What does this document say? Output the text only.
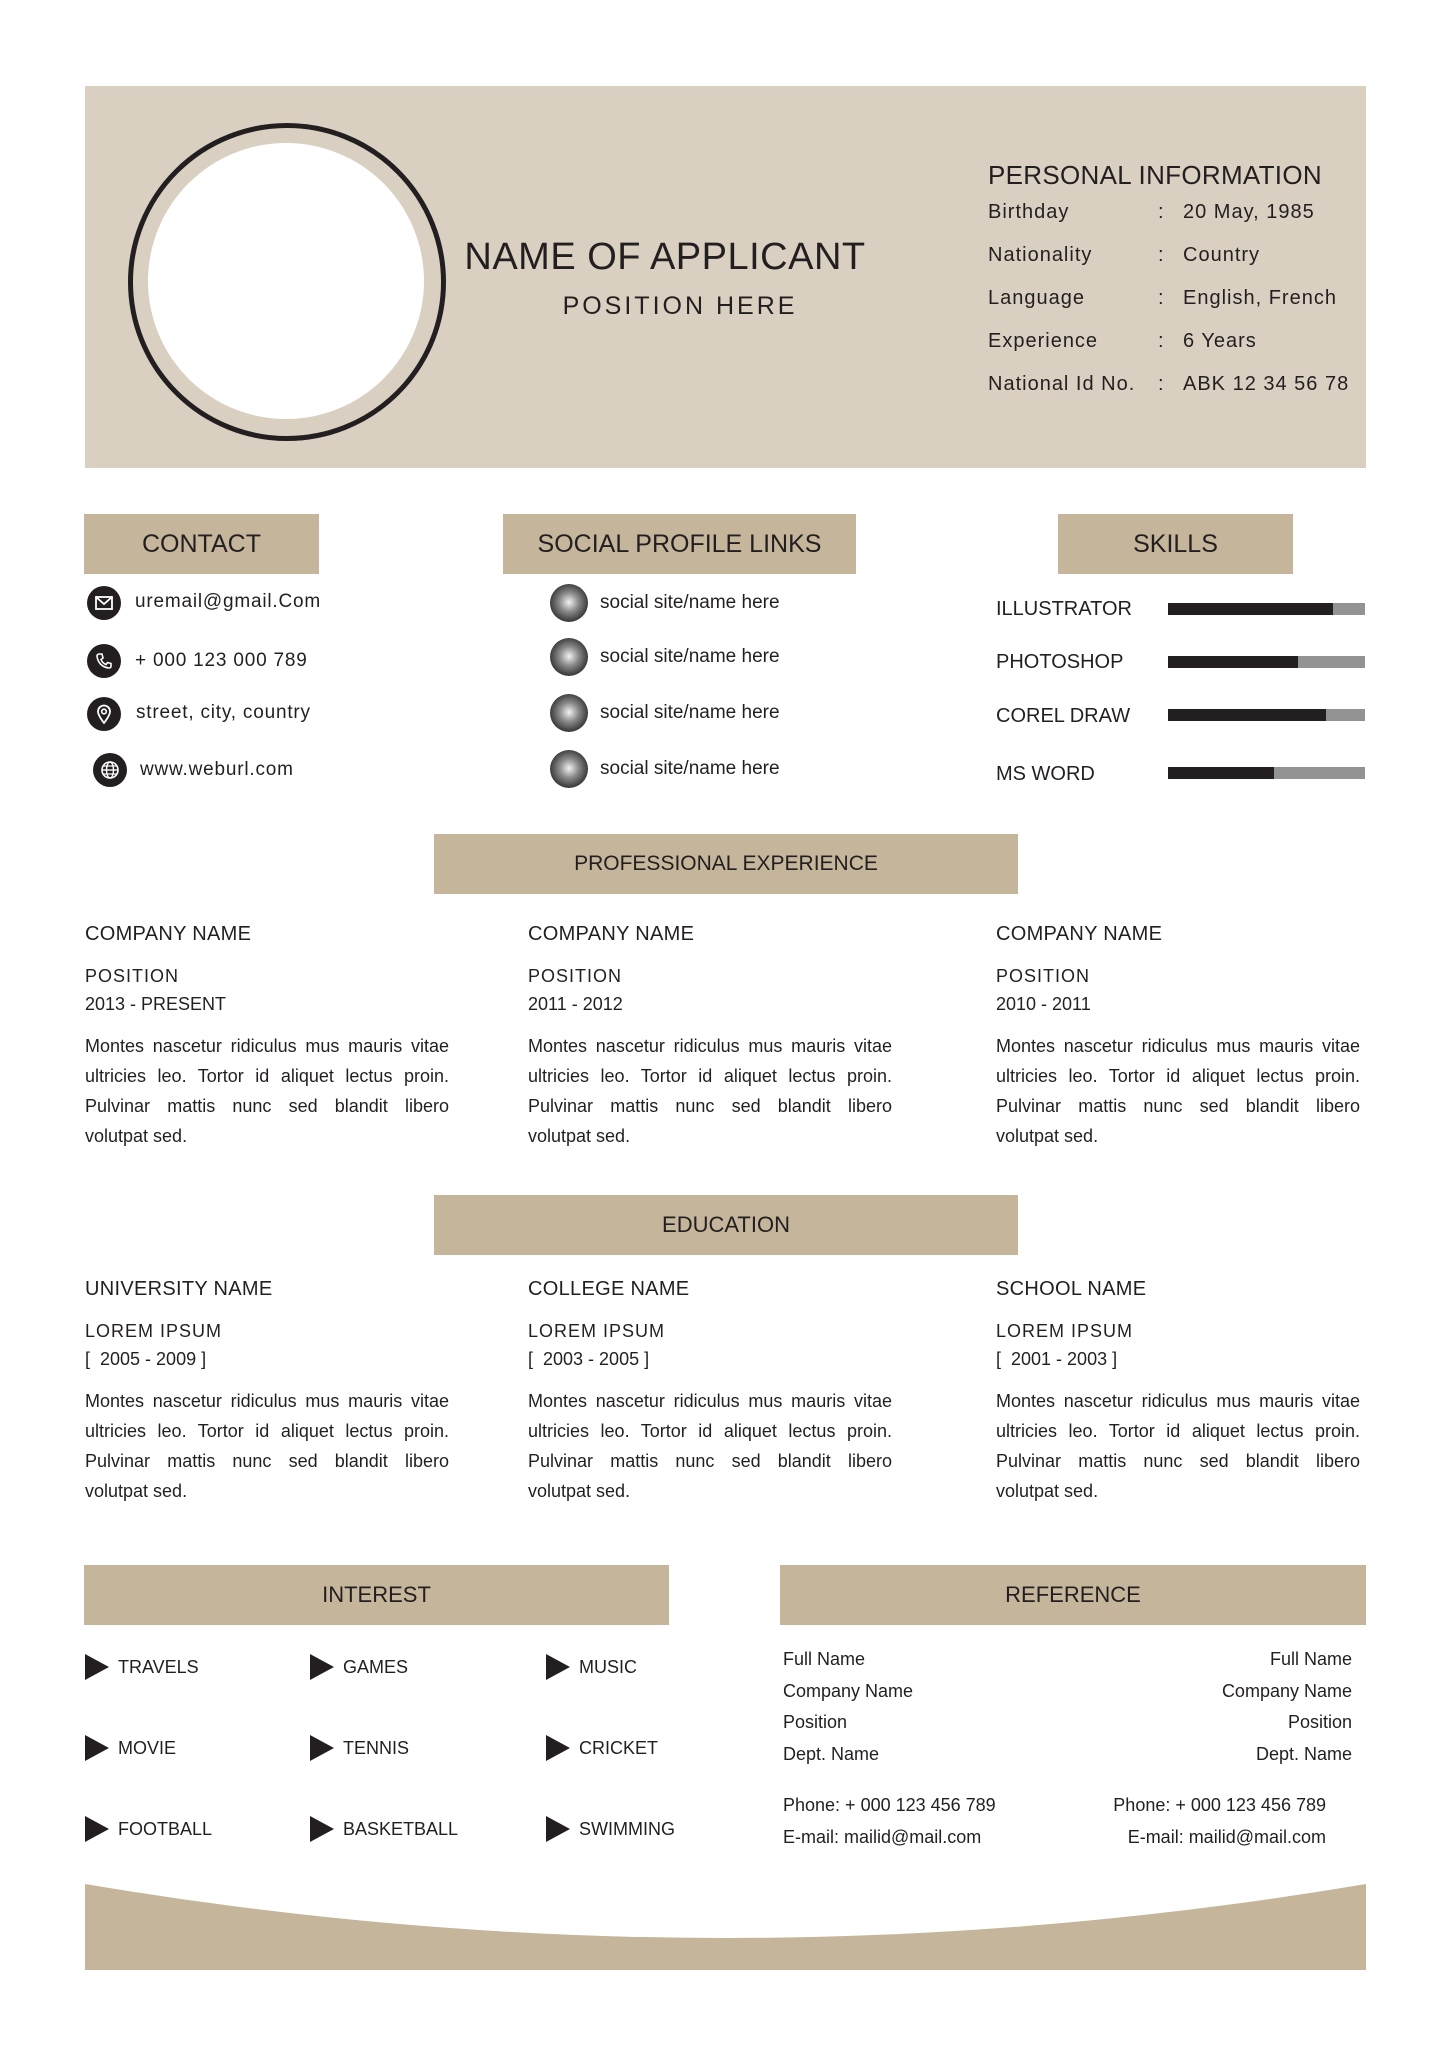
NAME OF APPLICANT
POSITION HERE
PERSONAL INFORMATION
Birthday	: 20 May, 1985
Nationality	: Country
Language	: English, French
Experience	: 6 Years
National Id No. : ABK 12 34 56 78
CONTACT
uremail@gmail.Com
+ 000 123 000 789
street, city, country
www.weburl.com
SOCIAL PROFILE LINKS
social site/name here
social site/name here
social site/name here
social site/name here
SKILLS
ILLUSTRATOR
PHOTOSHOP
COREL DRAW
MS WORD
PROFESSIONAL EXPERIENCE
COMPANY NAME
POSITION
2013 - PRESENT
Montes nascetur ridiculus mus mauris vitae ultricies leo. Tortor id aliquet lectus proin. Pulvinar mattis nunc sed blandit libero volutpat sed.
COMPANY NAME
POSITION
2011 - 2012
Montes nascetur ridiculus mus mauris vitae ultricies leo. Tortor id aliquet lectus proin. Pulvinar mattis nunc sed blandit libero volutpat sed.
COMPANY NAME
POSITION
2010 - 2011
Montes nascetur ridiculus mus mauris vitae ultricies leo. Tortor id aliquet lectus proin. Pulvinar mattis nunc sed blandit libero volutpat sed.
EDUCATION
UNIVERSITY NAME
LOREM IPSUM
[  2005 - 2009 ]
Montes nascetur ridiculus mus mauris vitae ultricies leo. Tortor id aliquet lectus proin. Pulvinar mattis nunc sed blandit libero volutpat sed.
COLLEGE NAME
LOREM IPSUM
[  2003 - 2005 ]
Montes nascetur ridiculus mus mauris vitae ultricies leo. Tortor id aliquet lectus proin. Pulvinar mattis nunc sed blandit libero volutpat sed.
SCHOOL NAME
LOREM IPSUM
[  2001 - 2003 ]
Montes nascetur ridiculus mus mauris vitae ultricies leo. Tortor id aliquet lectus proin. Pulvinar mattis nunc sed blandit libero volutpat sed.
INTEREST
TRAVELS	GAMES	MUSIC
MOVIE	TENNIS	CRICKET
FOOTBALL	BASKETBALL	SWIMMING
REFERENCE
Full Name
Company Name
Position
Dept. Name
Phone: + 000 123 456 789
E-mail: mailid@mail.com
Full Name
Company Name
Position
Dept. Name
Phone: + 000 123 456 789
E-mail: mailid@mail.com
